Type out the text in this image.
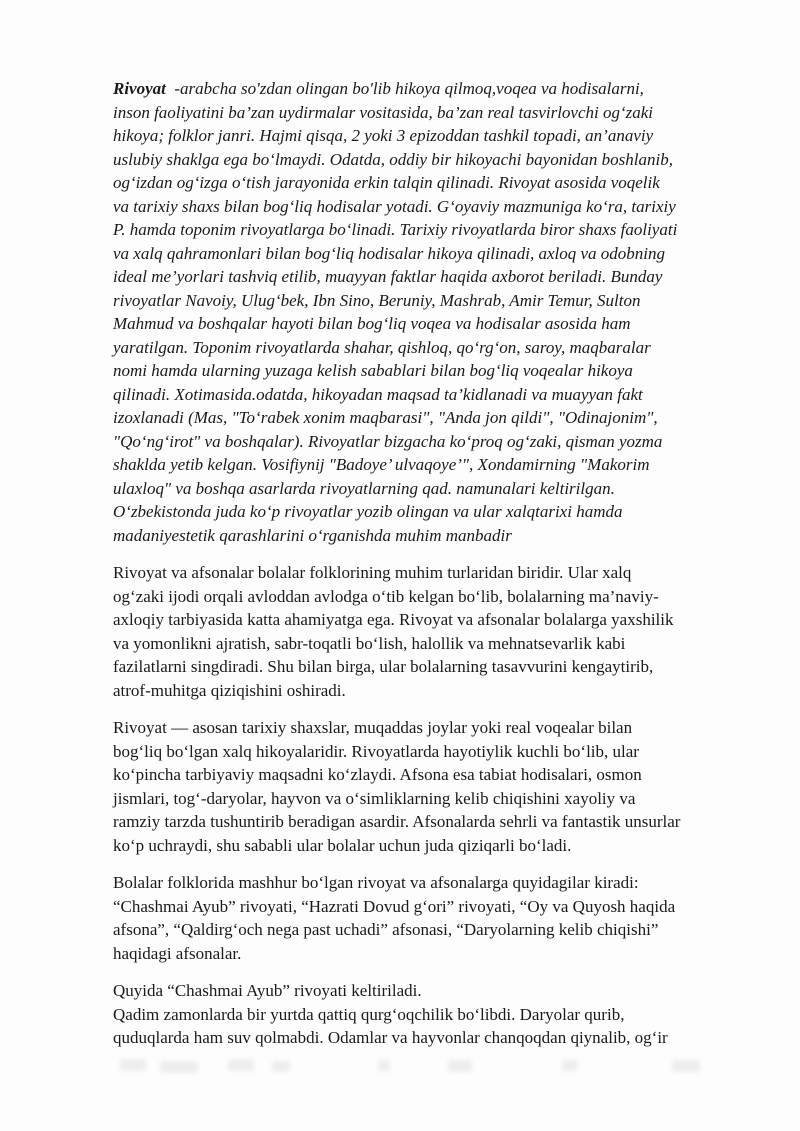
Rivoyat  -arabcha so'zdan olingan bo'lib hikoya qilmoq,voqea va hodisalarni,
inson faoliyatini ba’zan uydirmalar vositasida, ba’zan real tasvirlovchi ogʻzaki
hikoya; folklor janri. Hajmi qisqa, 2 yoki 3 epizoddan tashkil topadi, an’anaviy
uslubiy shaklga ega boʻlmaydi. Odatda, oddiy bir hikoyachi bayonidan boshlanib,
ogʻizdan ogʻizga oʻtish jarayonida erkin talqin qilinadi. Rivoyat asosida voqelik
va tarixiy shaxs bilan bogʻliq hodisalar yotadi. Gʻoyaviy mazmuniga koʻra, tarixiy
P. hamda toponim rivoyatlarga boʻlinadi. Tarixiy rivoyatlarda biror shaxs faoliyati
va xalq qahramonlari bilan bogʻliq hodisalar hikoya qilinadi, axloq va odobning
ideal me’yorlari tashviq etilib, muayyan faktlar haqida axborot beriladi. Bunday
rivoyatlar Navoiy, Ulugʻbek, Ibn Sino, Beruniy, Mashrab, Amir Temur, Sulton
Mahmud va boshqalar hayoti bilan bogʻliq voqea va hodisalar asosida ham
yaratilgan. Toponim rivoyatlarda shahar, qishloq, qoʻrgʻon, saroy, maqbaralar
nomi hamda ularning yuzaga kelish sabablari bilan bogʻliq voqealar hikoya
qilinadi. Xotimasida.odatda, hikoyadan maqsad ta’kidlanadi va muayyan fakt
izoxlanadi (Mas, "Toʻrabek xonim maqbarasi", "Anda jon qildi", "Odinajonim",
"Qoʻngʻirot" va boshqalar). Rivoyatlar bizgacha koʻproq ogʻzaki, qisman yozma
shaklda yetib kelgan. Vosifiynij "Badoye’ ulvaqoye’", Xondamirning "Makorim
ulaxloq" va boshqa asarlarda rivoyatlarning qad. namunalari keltirilgan.
Oʻzbekistonda juda koʻp rivoyatlar yozib olingan va ular xalqtarixi hamda
madaniyestetik qarashlarini oʻrganishda muhim manbadir

Rivoyat va afsonalar bolalar folklorining muhim turlaridan biridir. Ular xalq
ogʻzaki ijodi orqali avloddan avlodga oʻtib kelgan boʻlib, bolalarning ma’naviy-
axloqiy tarbiyasida katta ahamiyatga ega. Rivoyat va afsonalar bolalarga yaxshilik
va yomonlikni ajratish, sabr-toqatli boʻlish, halollik va mehnatsevarlik kabi
fazilatlarni singdiradi. Shu bilan birga, ular bolalarning tasavvurini kengaytirib,
atrof-muhitga qiziqishini oshiradi.

Rivoyat — asosan tarixiy shaxslar, muqaddas joylar yoki real voqealar bilan
bogʻliq boʻlgan xalq hikoyalaridir. Rivoyatlarda hayotiylik kuchli boʻlib, ular
koʻpincha tarbiyaviy maqsadni koʻzlaydi. Afsona esa tabiat hodisalari, osmon
jismlari, togʻ-daryolar, hayvon va oʻsimliklarning kelib chiqishini xayoliy va
ramziy tarzda tushuntirib beradigan asardir. Afsonalarda sehrli va fantastik unsurlar
koʻp uchraydi, shu sababli ular bolalar uchun juda qiziqarli boʻladi.

Bolalar folklorida mashhur boʻlgan rivoyat va afsonalarga quyidagilar kiradi:
“Chashmai Ayub” rivoyati, “Hazrati Dovud gʻori” rivoyati, “Oy va Quyosh haqida
afsona”, “Qaldirgʻoch nega past uchadi” afsonasi, “Daryolarning kelib chiqishi”
haqidagi afsonalar.

Quyida “Chashmai Ayub” rivoyati keltiriladi.
Qadim zamonlarda bir yurtda qattiq qurgʻoqchilik boʻlibdi. Daryolar qurib,
quduqlarda ham suv qolmabdi. Odamlar va hayvonlar chanqoqdan qiynalib, ogʻir
